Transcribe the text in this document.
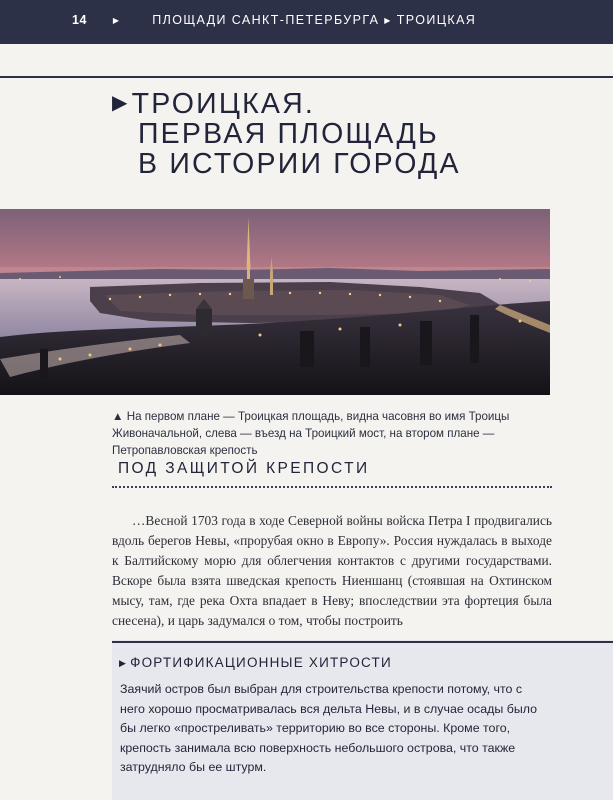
14	▶	ПЛОЩАДИ САНКТ-ПЕТЕРБУРГА ▶ ТРОИЦКАЯ
▶ТРОИЦКАЯ.
ПЕРВАЯ ПЛОЩАДЬ
В ИСТОРИИ ГОРОДА
▲ На первом плане — Троицкая площадь, видна часовня во имя Троицы Живоначальной, слева — въезд на Троицкий мост, на втором плане — Петропавловская крепость
ПОД ЗАЩИТОЙ КРЕПОСТИ
…Весной 1703 года в ходе Северной войны войска Петра I продвигались вдоль берегов Невы, «прорубая окно в Европу». Россия нуждалась в выходе к Балтийскому морю для облегчения контактов с другими государствами. Вскоре была взята шведская крепость Ниеншанц (стоявшая на Охтинском мысу, там, где река Охта впадает в Неву; впоследствии эта фортеция была снесена), и царь задумался о том, чтобы построить
▶ ФОРТИФИКАЦИОННЫЕ ХИТРОСТИ
Заячий остров был выбран для строительства крепости потому, что с него хорошо просматривалась вся дельта Невы, и в случае осады было бы легко «простреливать» территорию во все стороны. Кроме того, крепость занимала всю поверхность небольшого острова, что также затрудняло бы ее штурм.
